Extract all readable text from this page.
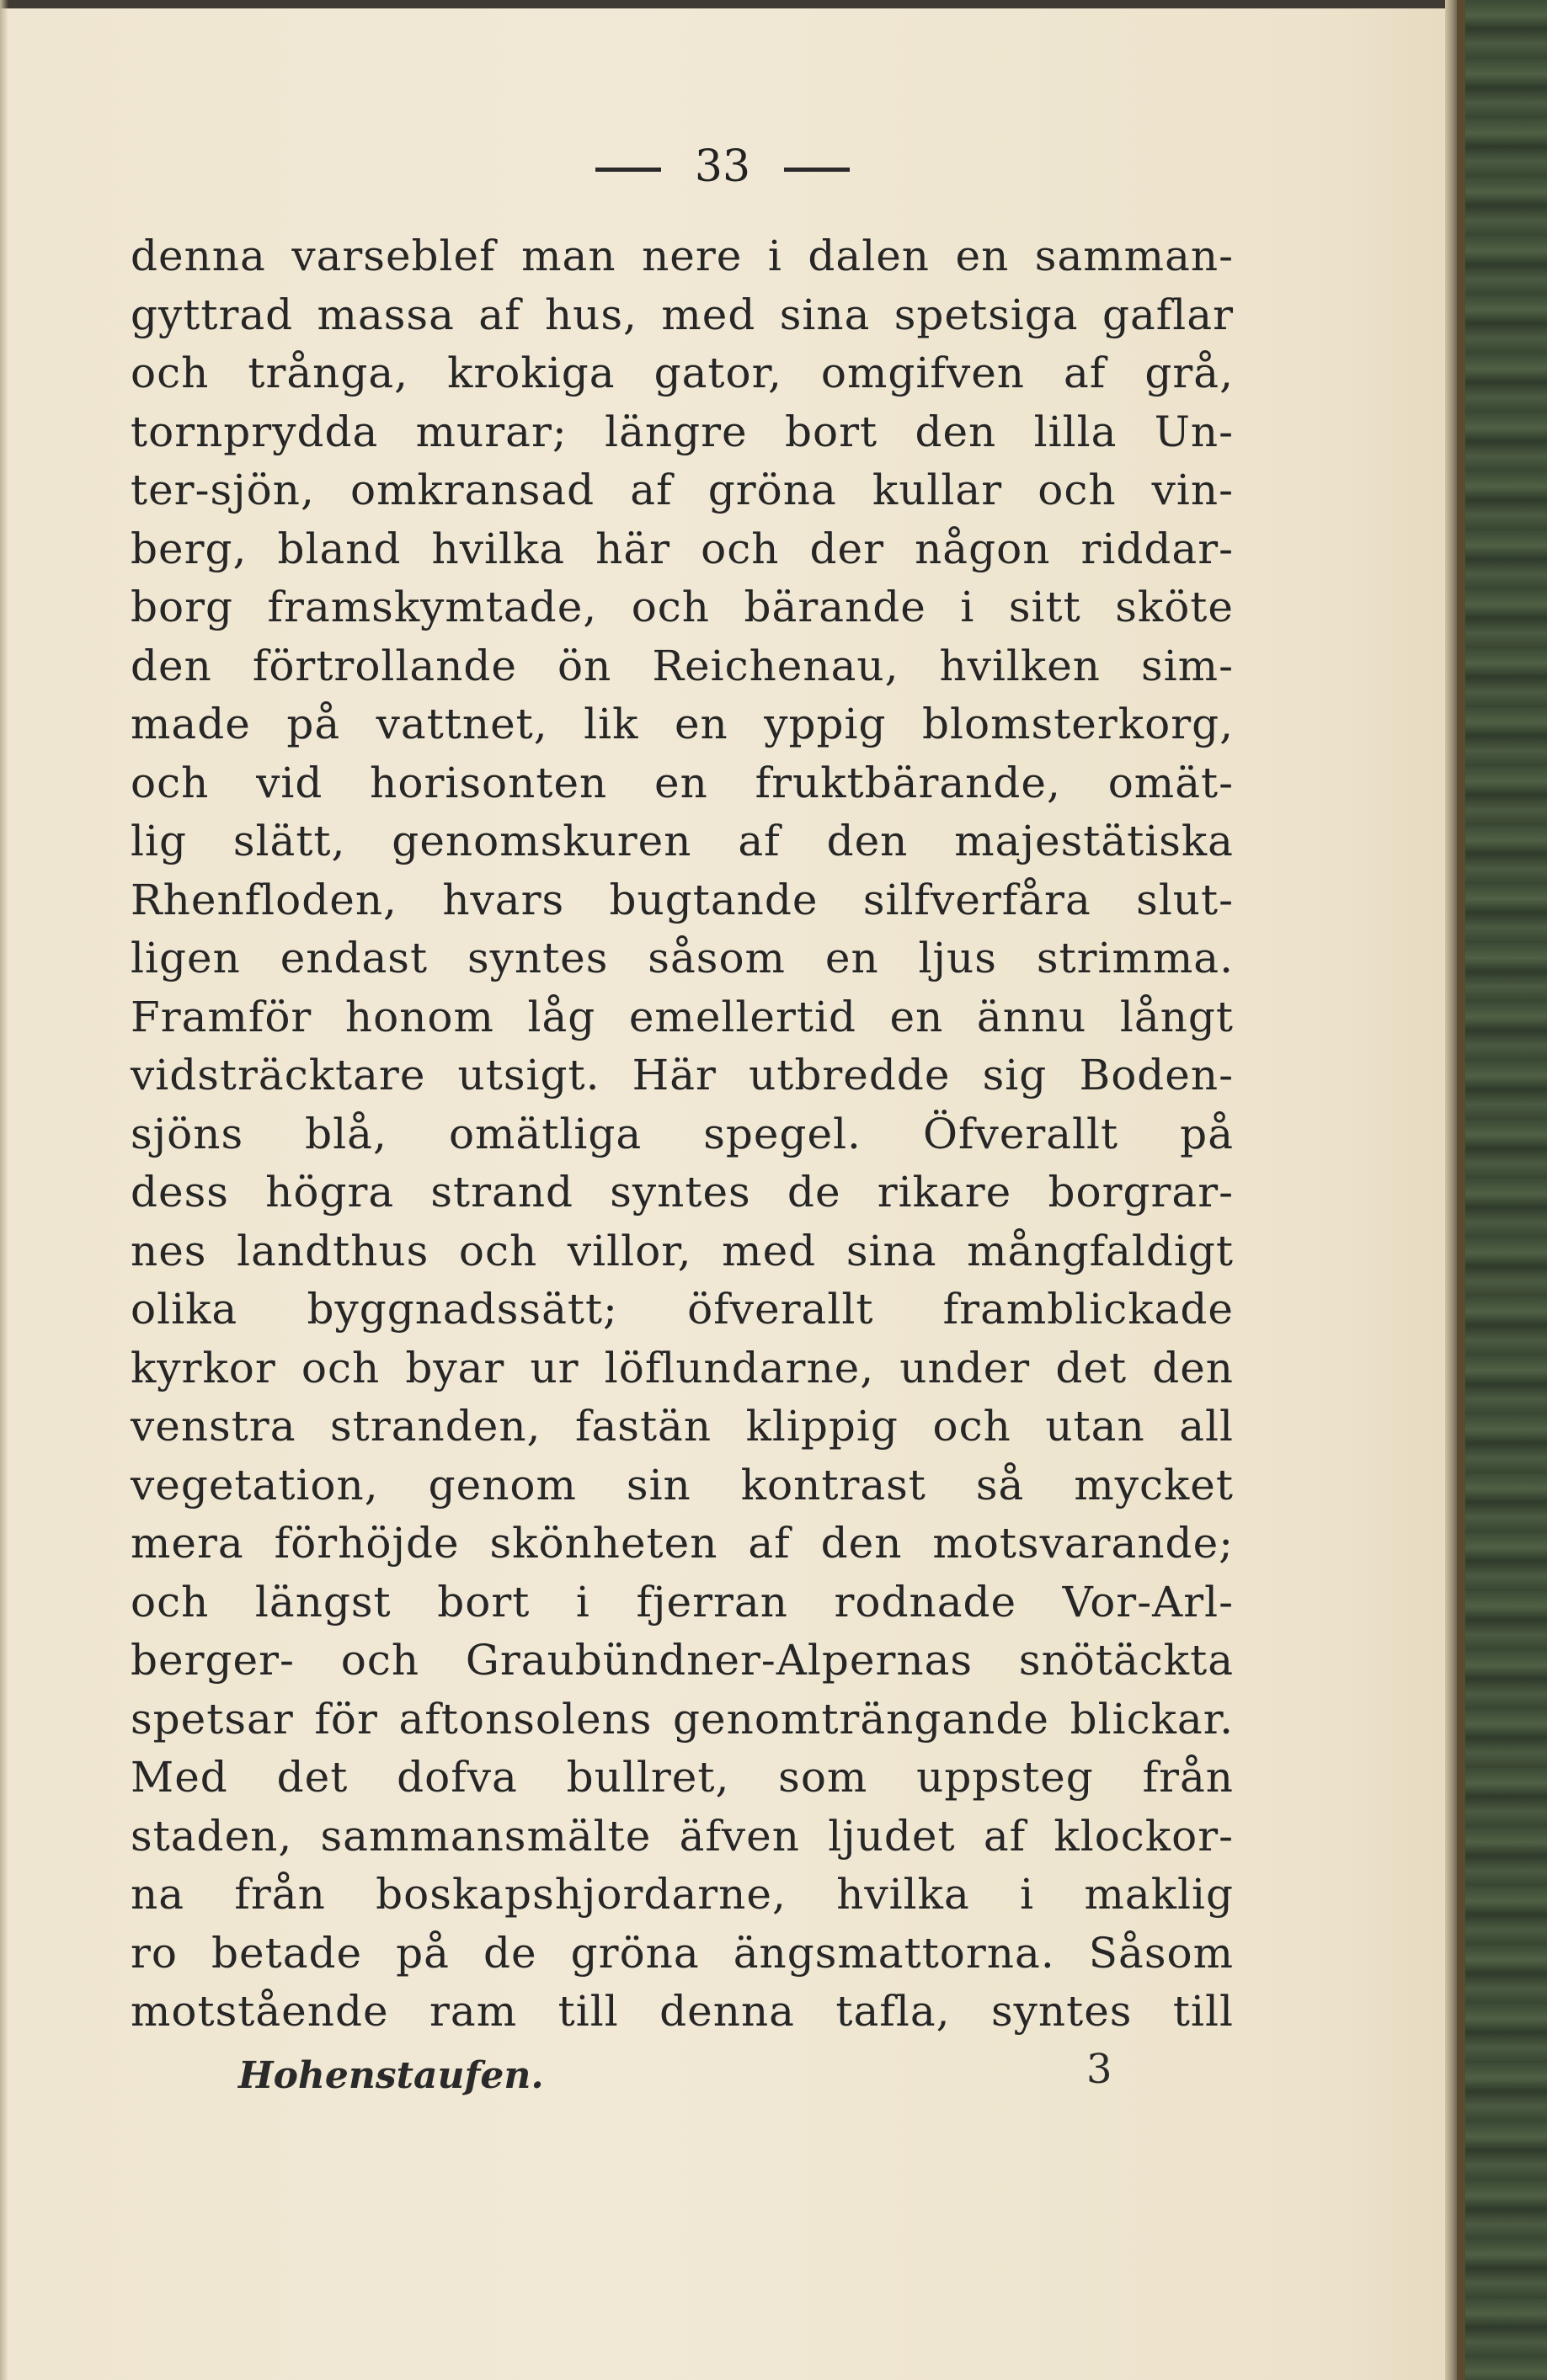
33
denna varseblef man nere i dalen en samman-
gyttrad massa af hus, med sina spetsiga gaflar
och trånga, krokiga gator, omgifven af grå,
tornprydda murar; längre bort den lilla Un-
ter-sjön, omkransad af gröna kullar och vin-
berg, bland hvilka här och der någon riddar-
borg framskymtade, och bärande i sitt sköte
den förtrollande ön Reichenau, hvilken sim-
made på vattnet, lik en yppig blomsterkorg,
och vid horisonten en fruktbärande, omät-
lig slätt, genomskuren af den majestätiska
Rhenfloden, hvars bugtande silfverfåra slut-
ligen endast syntes såsom en ljus strimma.
Framför honom låg emellertid en ännu långt
vidsträcktare utsigt. Här utbredde sig Boden-
sjöns blå, omätliga spegel. Öfverallt på
dess högra strand syntes de rikare borgrar-
nes landthus och villor, med sina mångfaldigt
olika byggnadssätt; öfverallt framblickade
kyrkor och byar ur löflundarne, under det den
venstra stranden, fastän klippig och utan all
vegetation, genom sin kontrast så mycket
mera förhöjde skönheten af den motsvarande;
och längst bort i fjerran rodnade Vor-Arl-
berger- och Graubündner-Alpernas snötäckta
spetsar för aftonsolens genomträngande blickar.
Med det dofva bullret, som uppsteg från
staden, sammansmälte äfven ljudet af klockor-
na från boskapshjordarne, hvilka i maklig
ro betade på de gröna ängsmattorna. Såsom
motstående ram till denna tafla, syntes till
Hohenstaufen.	3
